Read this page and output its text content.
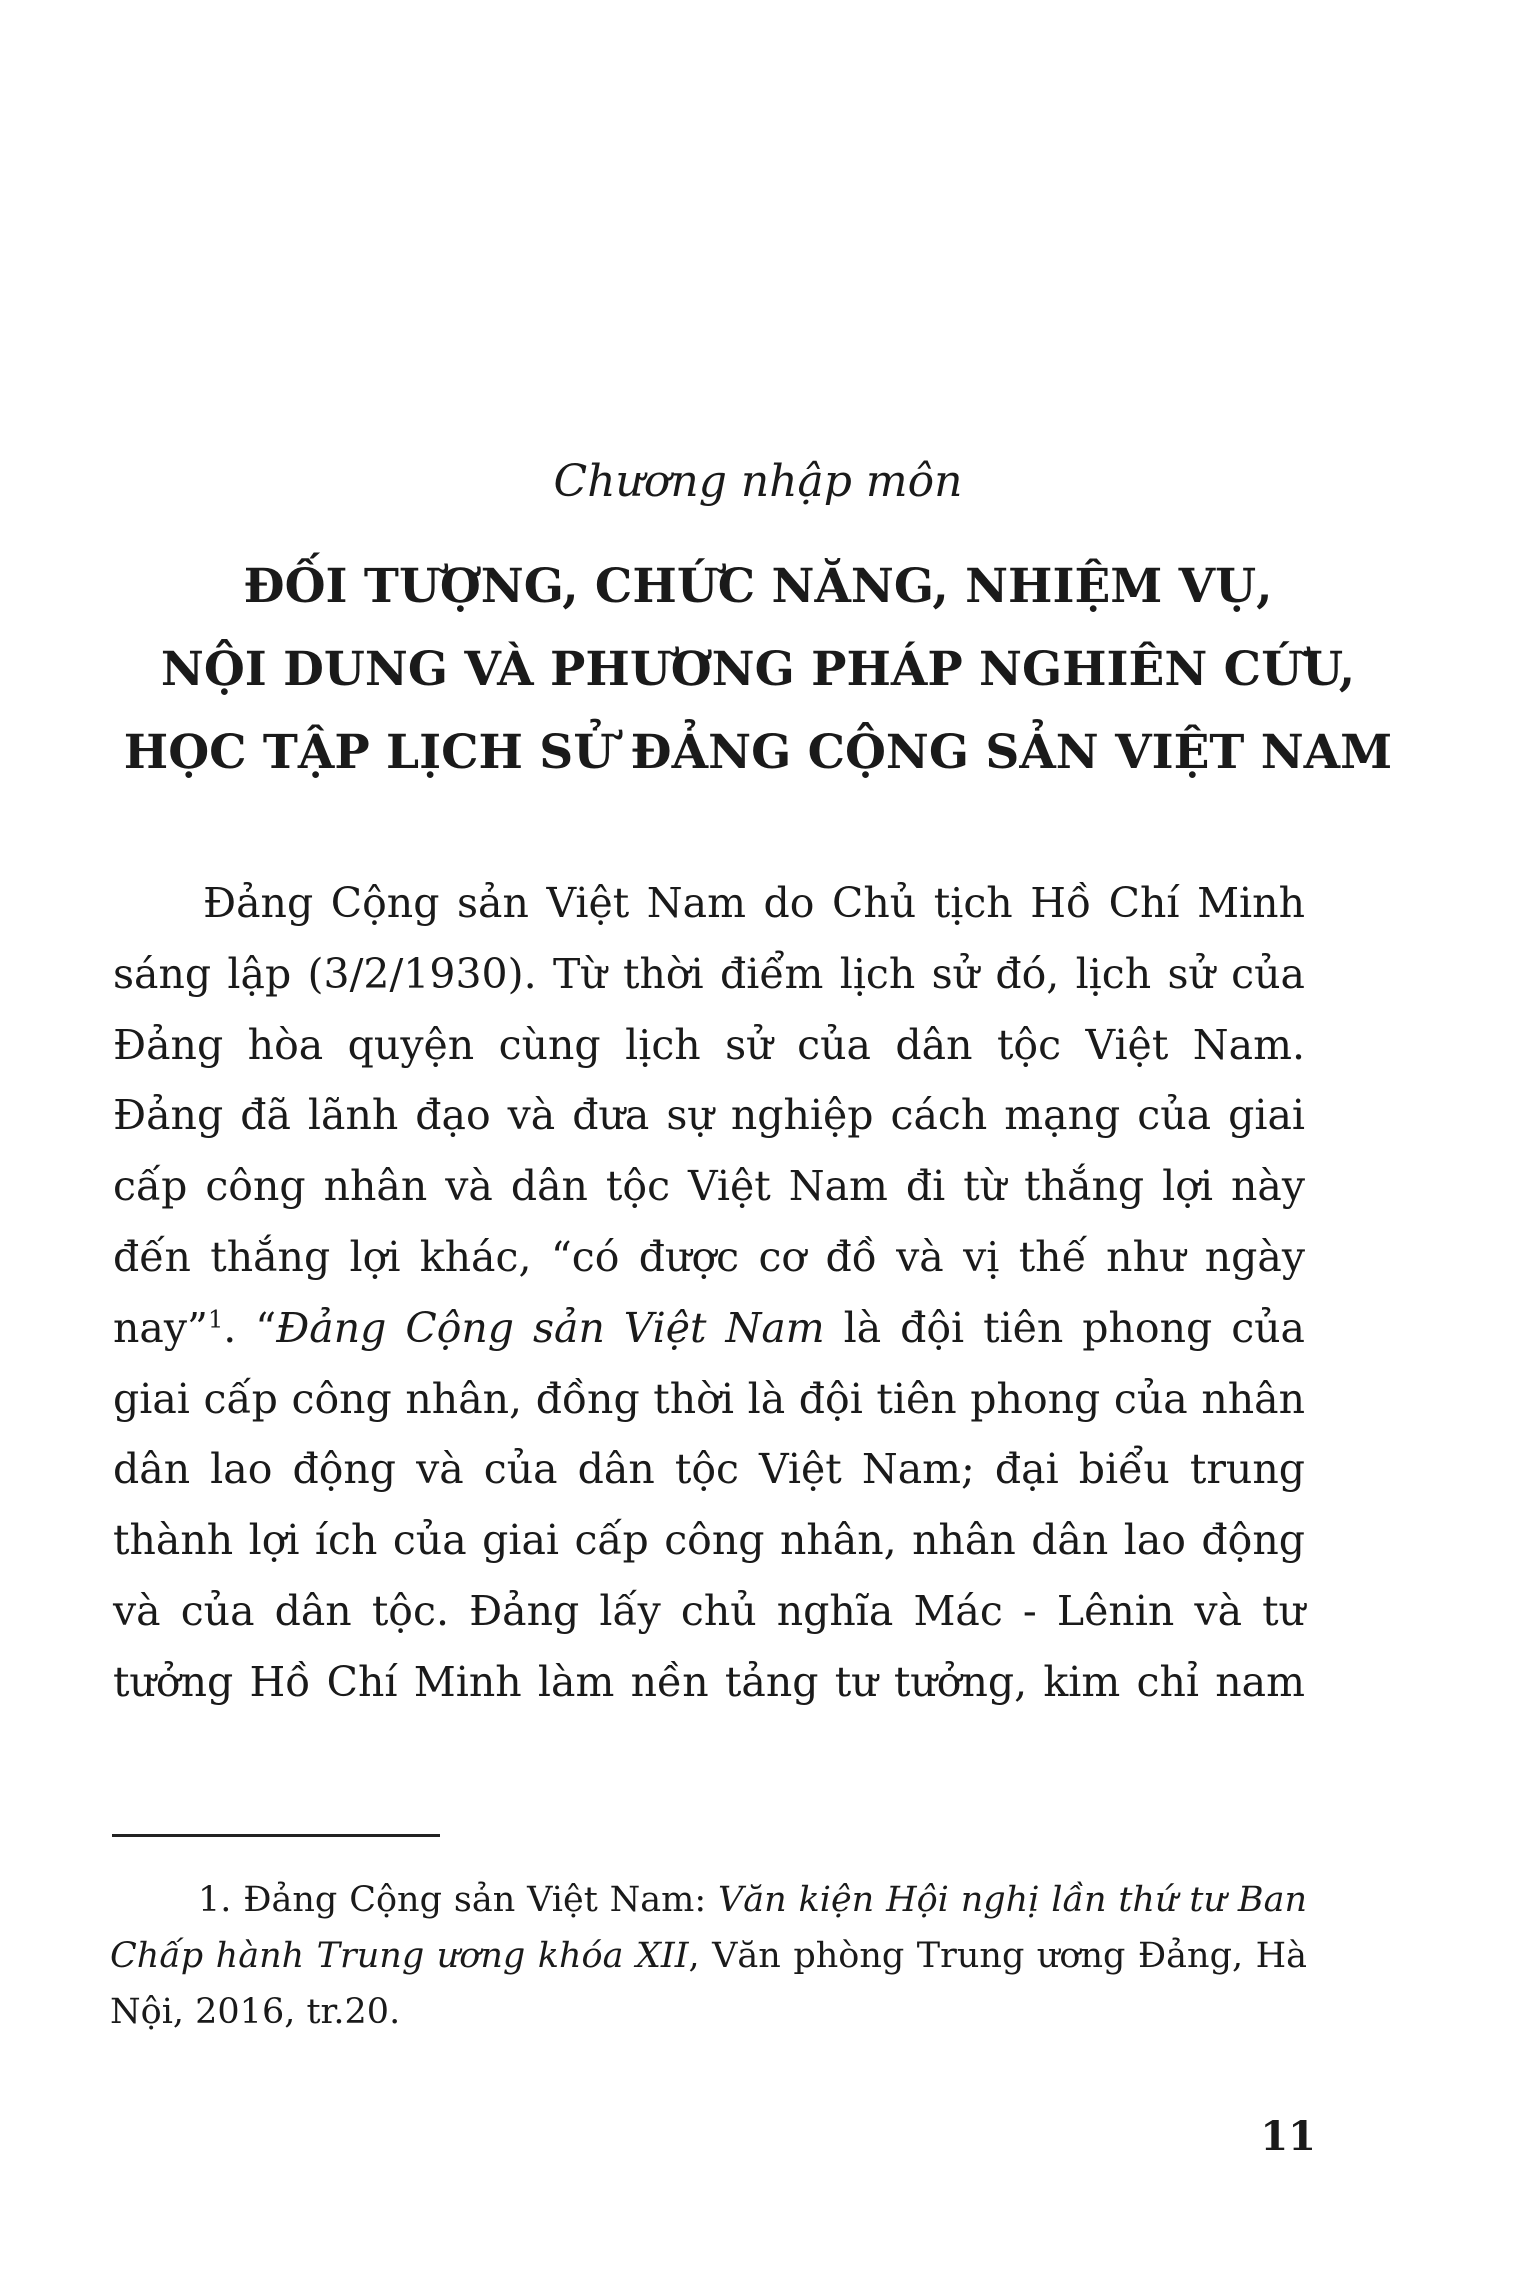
Chương nhập môn
ĐỐI TƯỢNG, CHỨC NĂNG, NHIỆM VỤ,
NỘI DUNG VÀ PHƯƠNG PHÁP NGHIÊN CỨU,
HỌC TẬP LỊCH SỬ ĐẢNG CỘNG SẢN VIỆT NAM
Đảng Cộng sản Việt Nam do Chủ tịch Hồ Chí Minh
sáng lập (3/2/1930). Từ thời điểm lịch sử đó, lịch sử của
Đảng hòa quyện cùng lịch sử của dân tộc Việt Nam.
Đảng đã lãnh đạo và đưa sự nghiệp cách mạng của giai
cấp công nhân và dân tộc Việt Nam đi từ thắng lợi này
đến thắng lợi khác, “có được cơ đồ và vị thế như ngày
nay”$^1$. “Đảng Cộng sản Việt Nam là đội tiên phong của
giai cấp công nhân, đồng thời là đội tiên phong của nhân
dân lao động và của dân tộc Việt Nam; đại biểu trung
thành lợi ích của giai cấp công nhân, nhân dân lao động
và của dân tộc. Đảng lấy chủ nghĩa Mác - Lênin và tư
tưởng Hồ Chí Minh làm nền tảng tư tưởng, kim chỉ nam
1. Đảng Cộng sản Việt Nam: Văn kiện Hội nghị lần thứ tư Ban
Chấp hành Trung ương khóa XII, Văn phòng Trung ương Đảng, Hà
Nội, 2016, tr.20.
11
